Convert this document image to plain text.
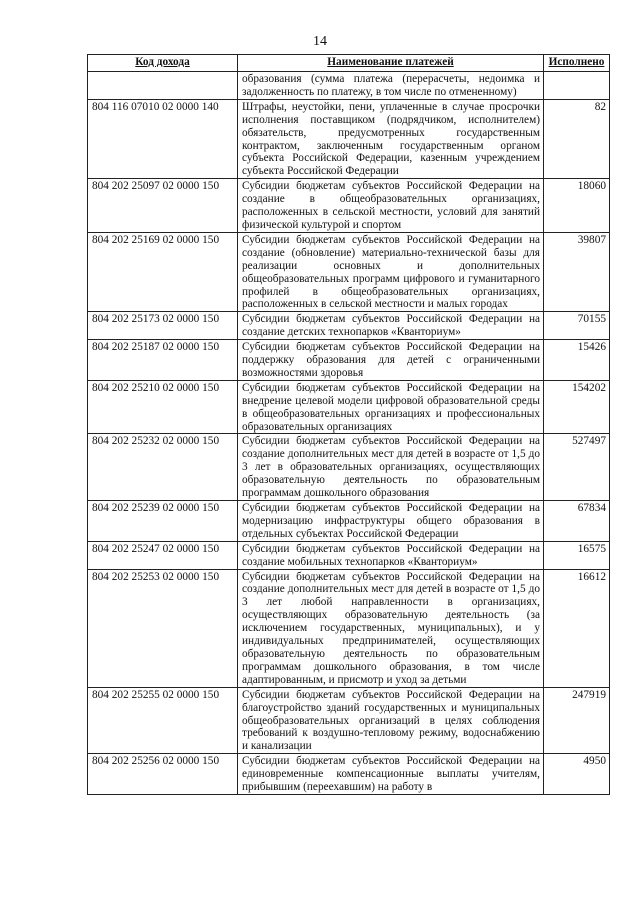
14
Код дохода	Наименование платежей	Исполнено
	образования (сумма платежа (перерасчеты, недоимка и задолженность по платежу, в том числе по отмененному)	
804 116 07010 02 0000 140	Штрафы, неустойки, пени, уплаченные в случае просрочки исполнения поставщиком (подрядчиком, исполнителем) обязательств, предусмотренных государственным контрактом, заключенным государственным органом субъекта Российской Федерации, казенным учреждением субъекта Российской Федерации	82
804 202 25097 02 0000 150	Субсидии бюджетам субъектов Российской Федерации на создание в общеобразовательных организациях, расположенных в сельской местности, условий для занятий физической культурой и спортом	18060
804 202 25169 02 0000 150	Субсидии бюджетам субъектов Российской Федерации на создание (обновление) материально-технической базы для реализации основных и дополнительных общеобразовательных программ цифрового и гуманитарного профилей в общеобразовательных организациях, расположенных в сельской местности и малых городах	39807
804 202 25173 02 0000 150	Субсидии бюджетам субъектов Российской Федерации на создание детских технопарков «Кванториум»	70155
804 202 25187 02 0000 150	Субсидии бюджетам субъектов Российской Федерации на поддержку образования для детей с ограниченными возможностями здоровья	15426
804 202 25210 02 0000 150	Субсидии бюджетам субъектов Российской Федерации на внедрение целевой модели цифровой образовательной среды в общеобразовательных организациях и профессиональных образовательных организациях	154202
804 202 25232 02 0000 150	Субсидии бюджетам субъектов Российской Федерации на создание дополнительных мест для детей в возрасте от 1,5 до 3 лет в образовательных организациях, осуществляющих образовательную деятельность по образовательным программам дошкольного образования	527497
804 202 25239 02 0000 150	Субсидии бюджетам субъектов Российской Федерации на модернизацию инфраструктуры общего образования в отдельных субъектах Российской Федерации	67834
804 202 25247 02 0000 150	Субсидии бюджетам субъектов Российской Федерации на создание мобильных технопарков «Кванториум»	16575
804 202 25253 02 0000 150	Субсидии бюджетам субъектов Российской Федерации на создание дополнительных мест для детей в возрасте от 1,5 до 3 лет любой направленности в организациях, осуществляющих образовательную деятельность (за исключением государственных, муниципальных), и у индивидуальных предпринимателей, осуществляющих образовательную деятельность по образовательным программам дошкольного образования, в том числе адаптированным, и присмотр и уход за детьми	16612
804 202 25255 02 0000 150	Субсидии бюджетам субъектов Российской Федерации на благоустройство зданий государственных и муниципальных общеобразовательных организаций в целях соблюдения требований к воздушно-тепловому режиму, водоснабжению и канализации	247919
804 202 25256 02 0000 150	Субсидии бюджетам субъектов Российской Федерации на единовременные компенсационные выплаты учителям, прибывшим (переехавшим) на работу в	4950
